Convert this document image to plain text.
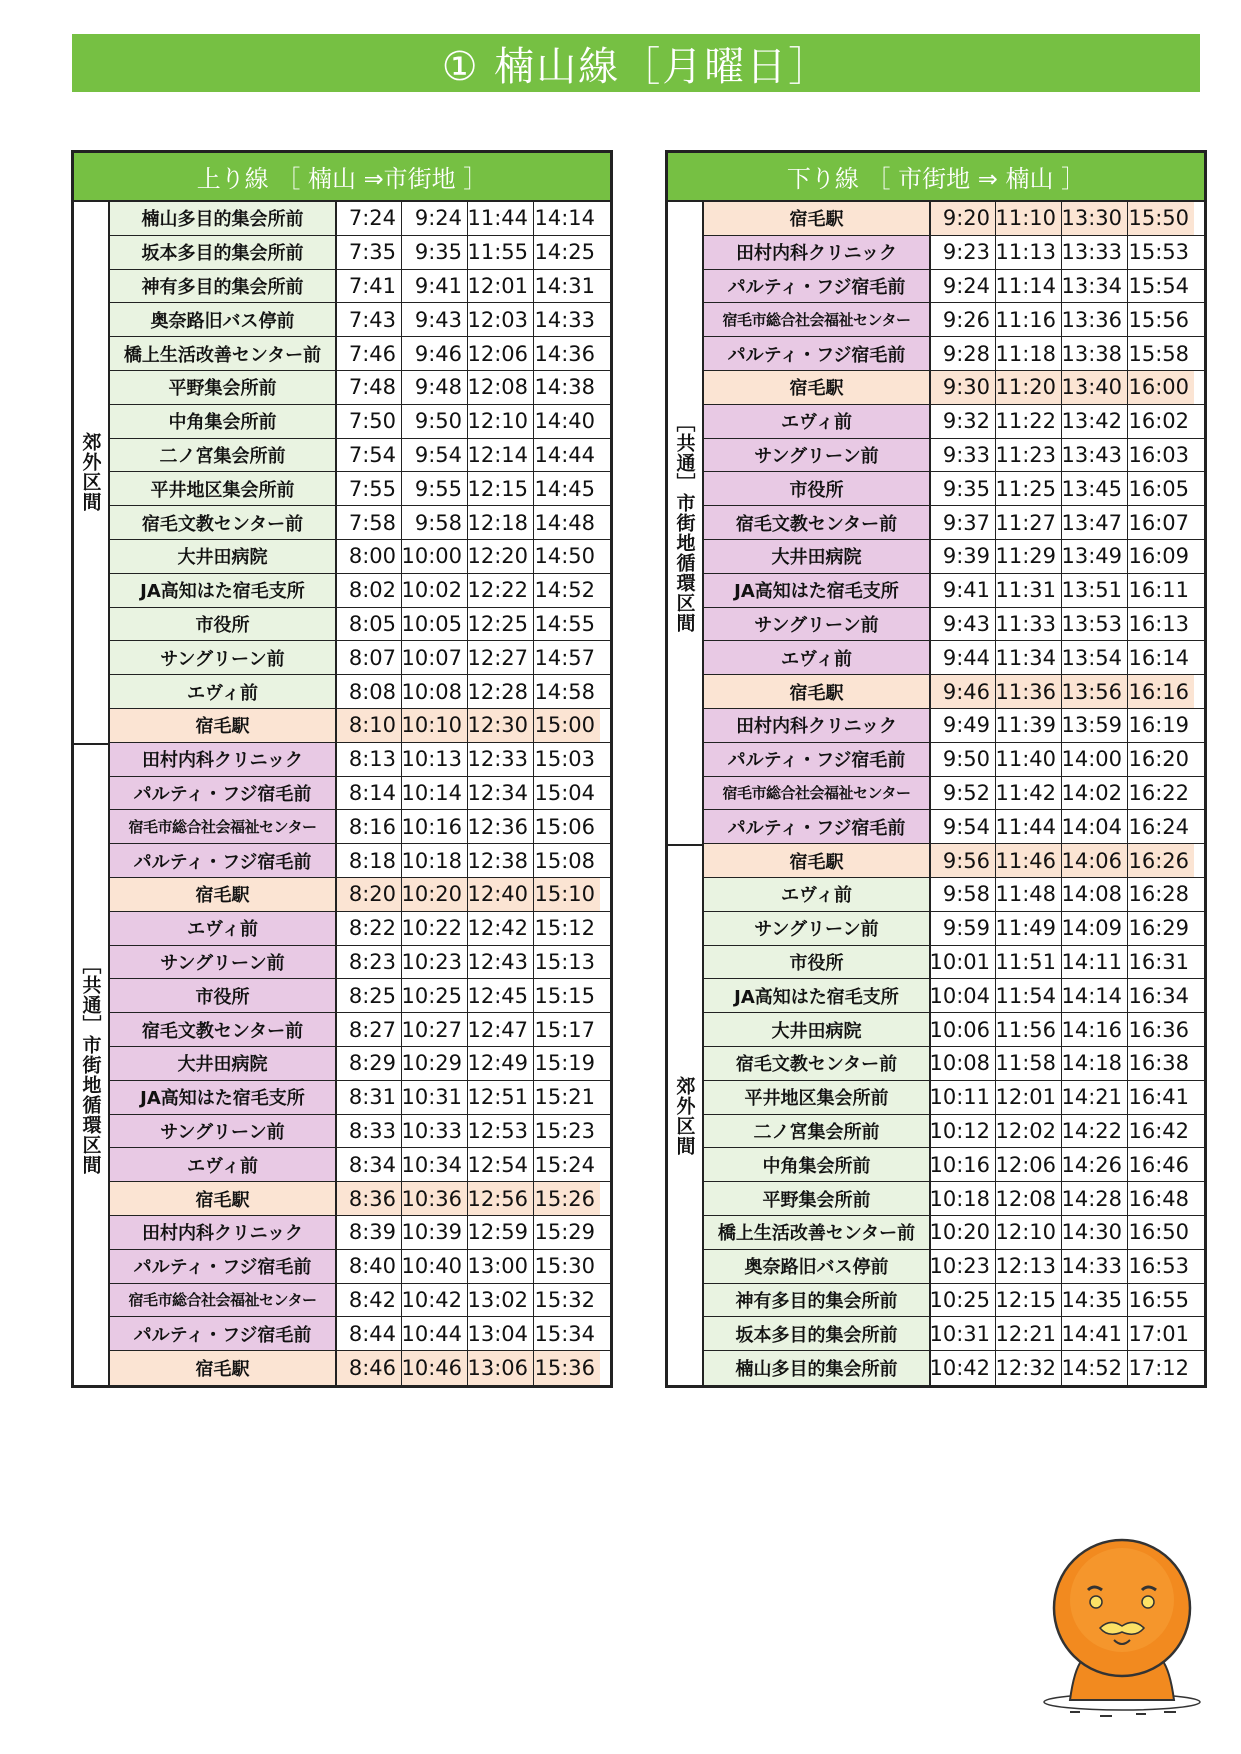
① 楠山線［月曜日］
上り線 ［ 楠山 ⇒市街地 ］
郊外区間
［共通］市街地循環区間
楠山多目的集会所前	7:24 9:24 11:44 14:14
坂本多目的集会所前	7:35 9:35 11:55 14:25
神有多目的集会所前	7:41 9:41 12:01 14:31
奥奈路旧バス停前	7:43 9:43 12:03 14:33
橋上生活改善センター前	7:46 9:46 12:06 14:36
平野集会所前	7:48 9:48 12:08 14:38
中角集会所前	7:50 9:50 12:10 14:40
二ノ宮集会所前	7:54 9:54 12:14 14:44
平井地区集会所前	7:55 9:55 12:15 14:45
宿毛文教センター前	7:58 9:58 12:18 14:48
大井田病院	8:00 10:00 12:20 14:50
JA高知はた宿毛支所	8:02 10:02 12:22 14:52
市役所	8:05 10:05 12:25 14:55
サングリーン前	8:07 10:07 12:27 14:57
エヴィ前	8:08 10:08 12:28 14:58
宿毛駅	8:10 10:10 12:30 15:00
田村内科クリニック	8:13 10:13 12:33 15:03
パルティ・フジ宿毛前	8:14 10:14 12:34 15:04
宿毛市総合社会福祉センター	8:16 10:16 12:36 15:06
パルティ・フジ宿毛前	8:18 10:18 12:38 15:08
宿毛駅	8:20 10:20 12:40 15:10
エヴィ前	8:22 10:22 12:42 15:12
サングリーン前	8:23 10:23 12:43 15:13
市役所	8:25 10:25 12:45 15:15
宿毛文教センター前	8:27 10:27 12:47 15:17
大井田病院	8:29 10:29 12:49 15:19
JA高知はた宿毛支所	8:31 10:31 12:51 15:21
サングリーン前	8:33 10:33 12:53 15:23
エヴィ前	8:34 10:34 12:54 15:24
宿毛駅	8:36 10:36 12:56 15:26
田村内科クリニック	8:39 10:39 12:59 15:29
パルティ・フジ宿毛前	8:40 10:40 13:00 15:30
宿毛市総合社会福祉センター	8:42 10:42 13:02 15:32
パルティ・フジ宿毛前	8:44 10:44 13:04 15:34
宿毛駅	8:46 10:46 13:06 15:36
下り線 ［ 市街地 ⇒ 楠山 ］
［共通］市街地循環区間
郊外区間
宿毛駅	9:20 11:10 13:30 15:50
田村内科クリニック	9:23 11:13 13:33 15:53
パルティ・フジ宿毛前	9:24 11:14 13:34 15:54
宿毛市総合社会福祉センター	9:26 11:16 13:36 15:56
パルティ・フジ宿毛前	9:28 11:18 13:38 15:58
宿毛駅	9:30 11:20 13:40 16:00
エヴィ前	9:32 11:22 13:42 16:02
サングリーン前	9:33 11:23 13:43 16:03
市役所	9:35 11:25 13:45 16:05
宿毛文教センター前	9:37 11:27 13:47 16:07
大井田病院	9:39 11:29 13:49 16:09
JA高知はた宿毛支所	9:41 11:31 13:51 16:11
サングリーン前	9:43 11:33 13:53 16:13
エヴィ前	9:44 11:34 13:54 16:14
宿毛駅	9:46 11:36 13:56 16:16
田村内科クリニック	9:49 11:39 13:59 16:19
パルティ・フジ宿毛前	9:50 11:40 14:00 16:20
宿毛市総合社会福祉センター	9:52 11:42 14:02 16:22
パルティ・フジ宿毛前	9:54 11:44 14:04 16:24
宿毛駅	9:56 11:46 14:06 16:26
エヴィ前	9:58 11:48 14:08 16:28
サングリーン前	9:59 11:49 14:09 16:29
市役所	10:01 11:51 14:11 16:31
JA高知はた宿毛支所	10:04 11:54 14:14 16:34
大井田病院	10:06 11:56 14:16 16:36
宿毛文教センター前	10:08 11:58 14:18 16:38
平井地区集会所前	10:11 12:01 14:21 16:41
二ノ宮集会所前	10:12 12:02 14:22 16:42
中角集会所前	10:16 12:06 14:26 16:46
平野集会所前	10:18 12:08 14:28 16:48
橋上生活改善センター前 10:20 12:10 14:30 16:50
奥奈路旧バス停前	10:23 12:13 14:33 16:53
神有多目的集会所前	10:25 12:15 14:35 16:55
坂本多目的集会所前	10:31 12:21 14:41 17:01
楠山多目的集会所前	10:42 12:32 14:52 17:12
